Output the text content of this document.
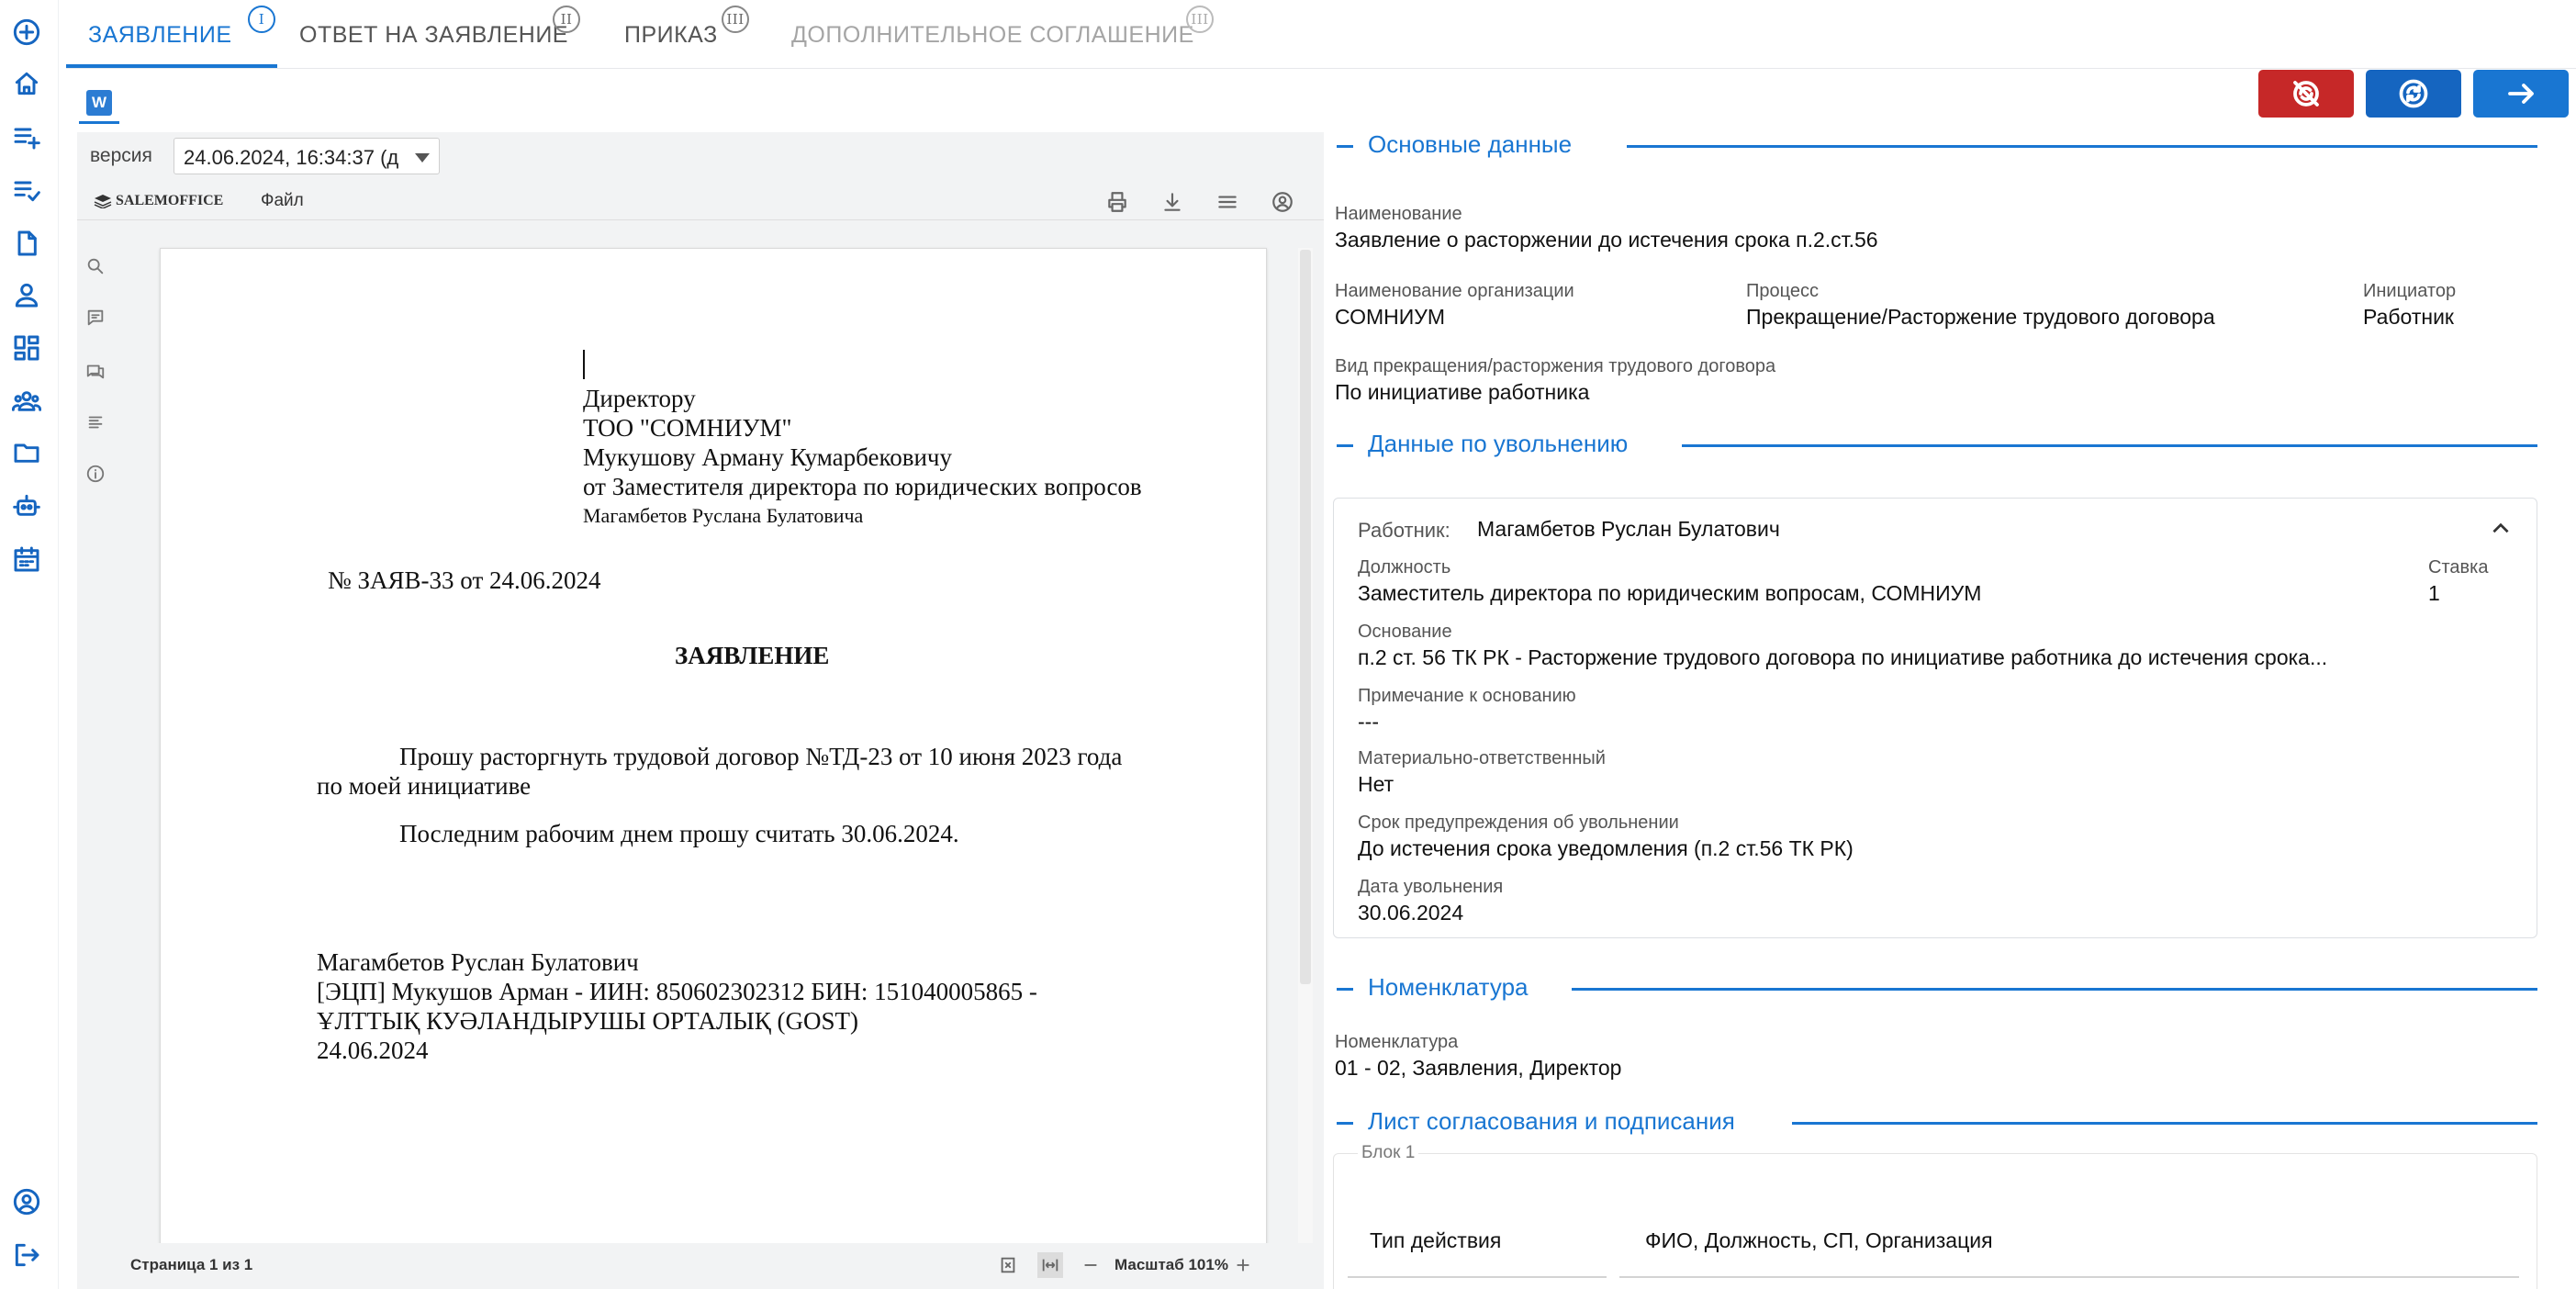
ЗАЯВЛЕНИЕ
I
ОТВЕТ НА ЗАЯВЛЕНИЕ
II
ПРИКАЗ
III
ДОПОЛНИТЕЛЬНОЕ СОГЛАШЕНИЕ
III
W
версия	24.06.2024, 16:34:37 (д
SALEMOFFICE Файл
Директору
ТОО "СОМНИУМ"
Мукушову Арману Кумарбековичу
от Заместителя директора по юридических вопросов
Магамбетов Руслана Булатовича
№ ЗАЯВ-33 от 24.06.2024
ЗАЯВЛЕНИЕ
Прошу расторгнуть трудовой договор №ТД-23 от 10 июня 2023 года
по моей инициативе
Последним рабочим днем прошу считать 30.06.2024.
Магамбетов Руслан Булатович
[ЭЦП] Мукушов Арман - ИИН: 850602302312 БИН: 151040005865 -
ҰЛТТЫҚ КУӘЛАНДЫРУШЫ ОРТАЛЫҚ (GOST)
24.06.2024
Страница 1 из 1	Масштаб 101%
Основные данные
Наименование
Заявление о расторжении до истечения срока п.2.ст.56
Наименование организации
СОМНИУМ
Процесс
Прекращение/Расторжение трудового договора
Инициатор
Работник
Вид прекращения/расторжения трудового договора
По инициативе работника
Данные по увольнению
Работник: Магамбетов Руслан Булатович
Должность
Заместитель директора по юридическим вопросам, СОМНИУМ
Ставка
1
Основание
п.2 ст. 56 ТК РК - Расторжение трудового договора по инициативе работника до истечения срока...
Примечание к основанию
---
Материально-ответственный
Нет
Срок предупреждения об увольнении
До истечения срока уведомления (п.2 ст.56 ТК РК)
Дата увольнения
30.06.2024
Номенклатура
Номенклатура
01 - 02, Заявления, Директор
Лист согласования и подписания
Блок 1
Тип действия	ФИО, Должность, СП, Организация
